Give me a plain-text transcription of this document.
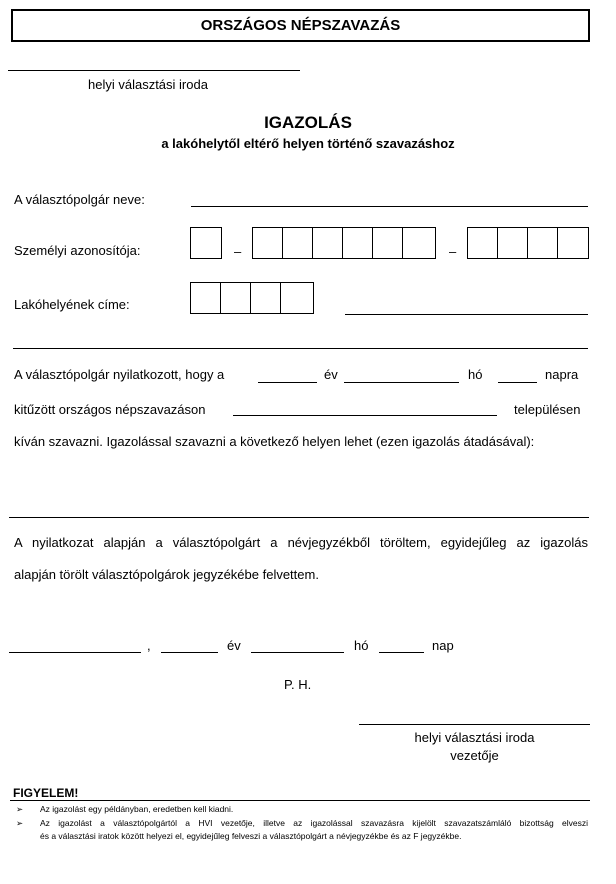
ORSZÁGOS NÉPSZAVAZÁS
helyi választási iroda
IGAZOLÁS
a lakóhelytől eltérő helyen történő szavazáshoz
A választópolgár neve:
Személyi azonosítója:	–	–
Lakóhelyének címe:
A választópolgár nyilatkozott, hogy a	év	hó	napra
kitűzött országos népszavazáson	településen
kíván szavazni. Igazolással szavazni a következő helyen lehet (ezen igazolás átadásával):
A nyilatkozat alapján a választópolgárt a névjegyzékből töröltem, egyidejűleg az igazolás
alapján törölt választópolgárok jegyzékébe felvettem.
,	év	hó	nap
P. H.
helyi választási iroda
vezetője
FIGYELEM!
➢ Az igazolást egy példányban, eredetben kell kiadni.
➢ Az igazolást a választópolgártól a HVI vezetője, illetve az igazolással szavazásra kijelölt szavazatszámláló bizottság elveszi
és a választási iratok között helyezi el, egyidejűleg felveszi a választópolgárt a névjegyzékbe és az F jegyzékbe.
